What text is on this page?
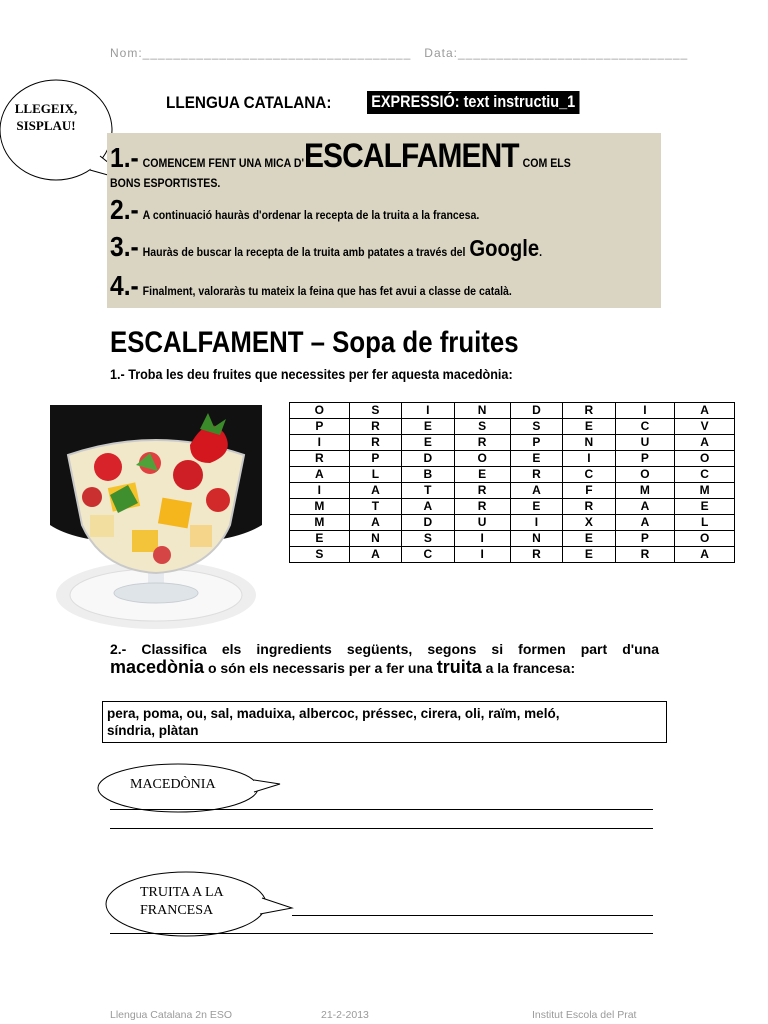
Nom:___________________________________ Data:______________________________
LLEGEIX,
SISPLAU!
LLENGUA CATALANA: EXPRESSIÓ: text instructiu_1
1.- COMENCEM FENT UNA MICA D'ESCALFAMENT COM ELS
BONS ESPORTISTES.
2.- A continuació hauràs d'ordenar la recepta de la truita a la francesa.
3.- Hauràs de buscar la recepta de la truita amb patates a través del Google.
4.- Finalment, valoraràs tu mateix la feina que has fet avui a classe de català.
ESCALFAMENT – Sopa de fruites
1.- Troba les deu fruites que necessites per fer aquesta macedònia:
O	S	I	N	D	R	I	A
P	R	E	S	S	E	C	V
I	R	E	R	P	N	U	A
R	P	D	O	E	I	P	O
A	L	B	E	R	C	O	C
I	A	T	R	A	F	M	M
M	T	A	R	E	R	A	E
M	A	D	U	I	X	A	L
E	N	S	I	N	E	P	O
S	A	C	I	R	E	R	A
2.- Classifica els ingredients següents, segons si formen part d'una
macedònia o són els necessaris per a fer una truita a la francesa:
pera, poma, ou, sal, maduixa, albercoc, préssec, cirera, oli, raïm, meló,
síndria, plàtan
MACEDÒNIA
TRUITA A LA
FRANCESA
Llengua Catalana 2n ESO	21-2-2013	Institut Escola del Prat
